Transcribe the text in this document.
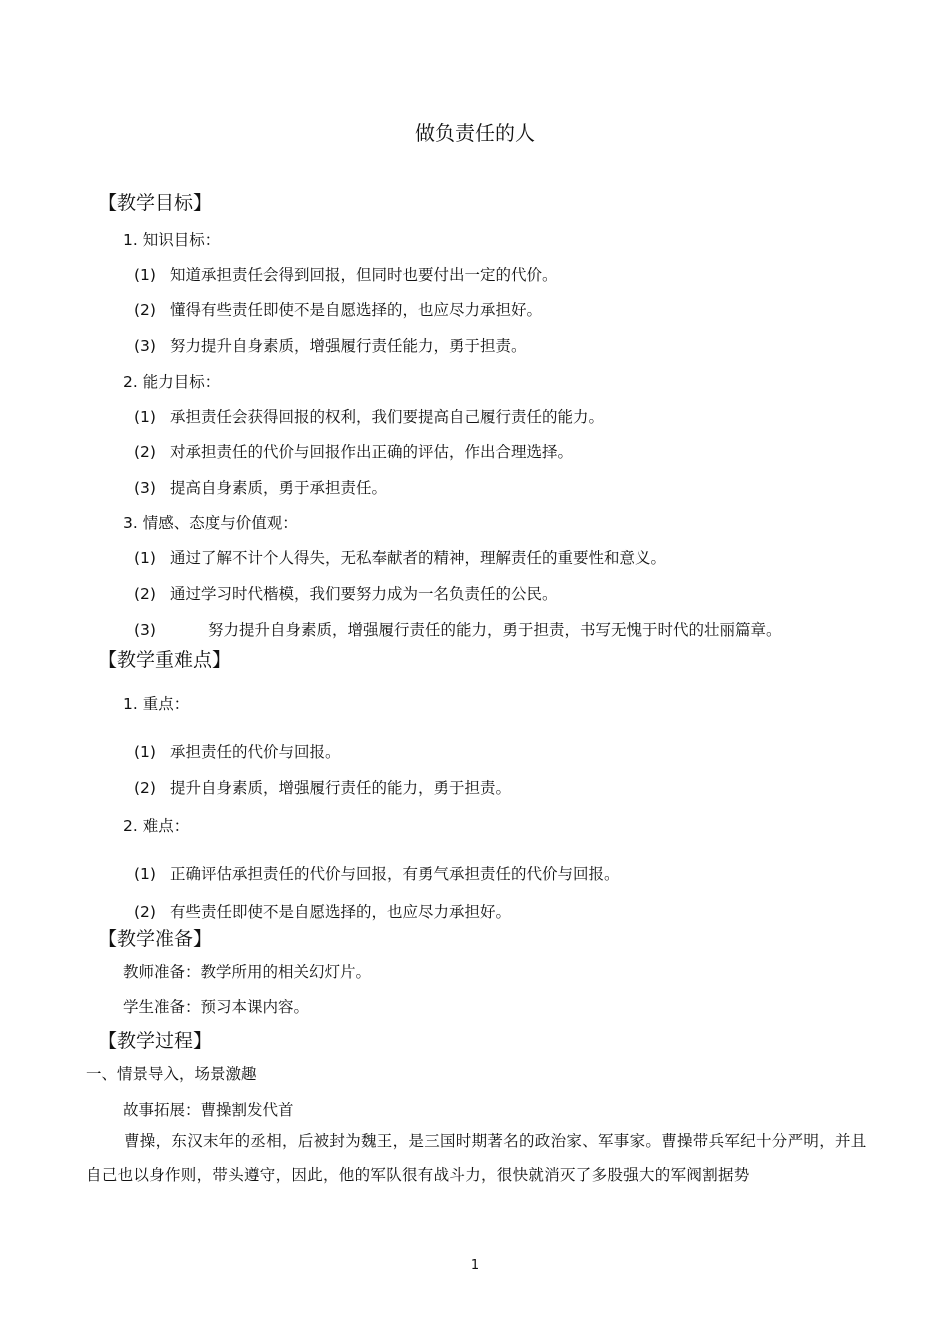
做负责任的人
【教学目标】
1. 知识目标：
(1) 知道承担责任会得到回报，但同时也要付出一定的代价。
(2) 懂得有些责任即使不是自愿选择的，也应尽力承担好。
(3) 努力提升自身素质，增强履行责任能力，勇于担责。
2. 能力目标：
(1) 承担责任会获得回报的权利，我们要提高自己履行责任的能力。
(2) 对承担责任的代价与回报作出正确的评估，作出合理选择。
(3) 提高自身素质，勇于承担责任。
3. 情感、态度与价值观：
(1) 通过了解不计个人得失，无私奉献者的精神，理解责任的重要性和意义。
(2) 通过学习时代楷模，我们要努力成为一名负责任的公民。
(3)	努力提升自身素质，增强履行责任的能力，勇于担责，书写无愧于时代的壮丽篇章。
【教学重难点】
1. 重点：
(1) 承担责任的代价与回报。
(2) 提升自身素质，增强履行责任的能力，勇于担责。
2. 难点：
(1) 正确评估承担责任的代价与回报，有勇气承担责任的代价与回报。
(2) 有些责任即使不是自愿选择的，也应尽力承担好。
【教学准备】
教师准备：教学所用的相关幻灯片。
学生准备：预习本课内容。
【教学过程】
一、情景导入，场景激趣
故事拓展：曹操割发代首
曹操，东汉末年的丞相，后被封为魏王，是三国时期著名的政治家、军事家。曹操带兵军纪十分严明，并且自己也以身作则，带头遵守，因此，他的军队很有战斗力，很快就消灭了多股强大的军阀割据势
1
